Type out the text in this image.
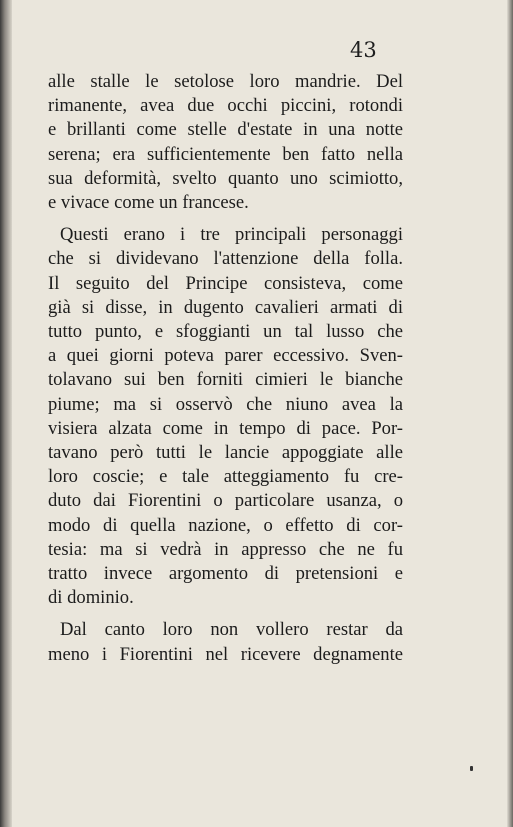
43
alle stalle le setolose loro mandrie. Del
rimanente, avea due occhi piccini, rotondi
e brillanti come stelle d'estate in una notte
serena; era sufficientemente ben fatto nella
sua deformità, svelto quanto uno scimiotto,
e vivace come un francese.
Questi erano i tre principali personaggi
che si dividevano l'attenzione della folla.
Il seguito del Principe consisteva, come
già si disse, in dugento cavalieri armati di
tutto punto, e sfoggianti un tal lusso che
a quei giorni poteva parer eccessivo. Sven-
tolavano sui ben forniti cimieri le bianche
piume; ma si osservò che niuno avea la
visiera alzata come in tempo di pace. Por-
tavano però tutti le lancie appoggiate alle
loro coscie; e tale atteggiamento fu cre-
duto dai Fiorentini o particolare usanza, o
modo di quella nazione, o effetto di cor-
tesia: ma si vedrà in appresso che ne fu
tratto invece argomento di pretensioni e
di dominio.
Dal canto loro non vollero restar da
meno i Fiorentini nel ricevere degnamente
